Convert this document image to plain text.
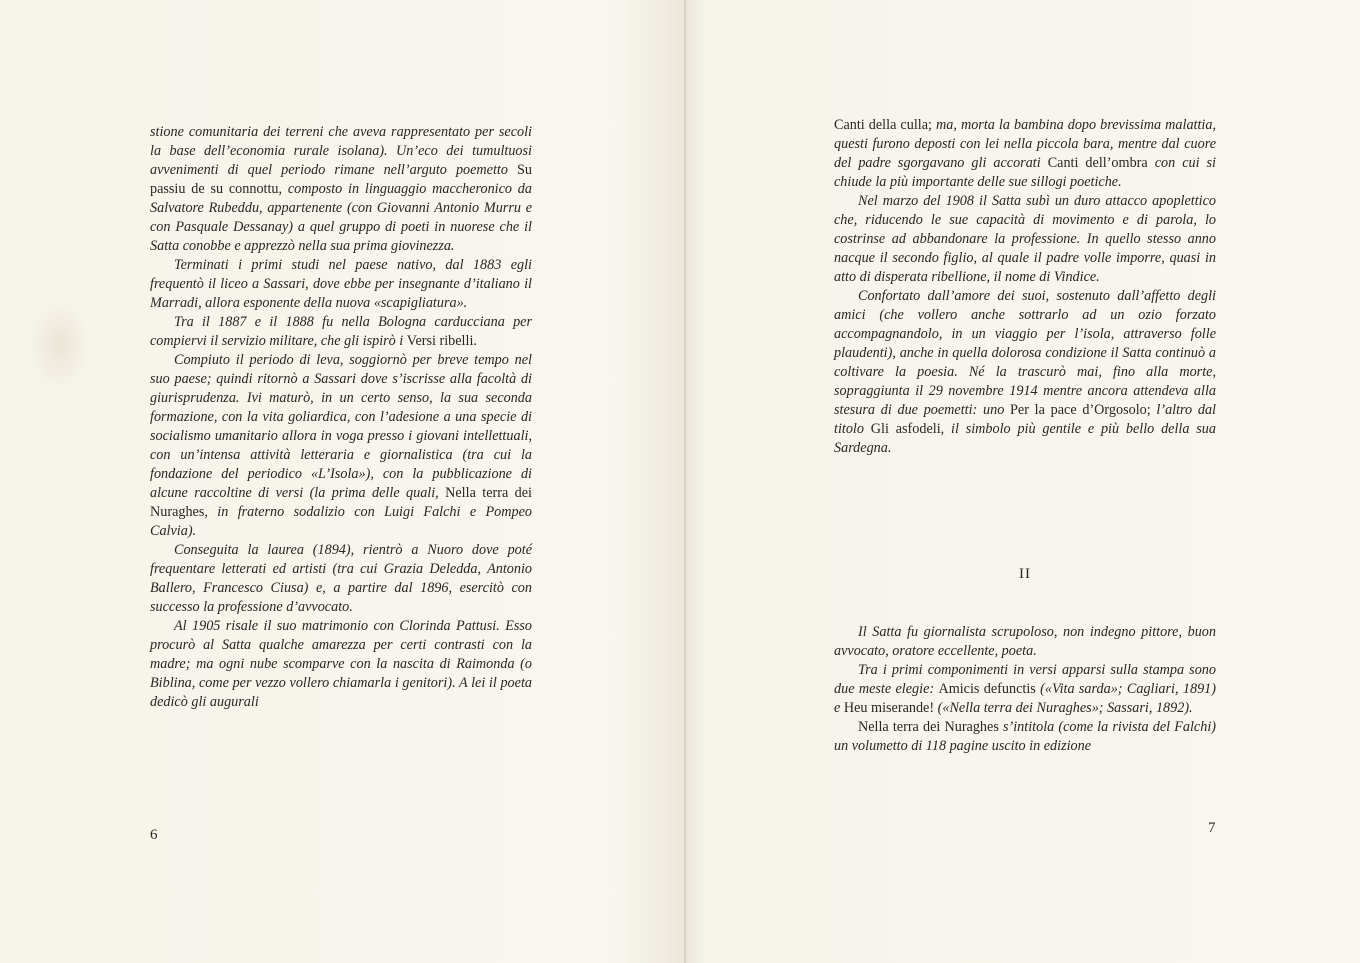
stione comunitaria dei terreni che aveva rappresentato per secoli la base dell’economia rurale isolana). Un’eco dei tumultuosi avvenimenti di quel periodo rimane nell’arguto poemetto Su passiu de su connottu, composto in linguaggio maccheronico da Salvatore Rubeddu, appartenente (con Giovanni Antonio Murru e con Pasquale Dessanay) a quel gruppo di poeti in nuorese che il Satta conobbe e apprezzò nella sua prima giovinezza.

Terminati i primi studi nel paese nativo, dal 1883 egli frequentò il liceo a Sassari, dove ebbe per insegnante d’italiano il Marradi, allora esponente della nuova «scapigliatura».

Tra il 1887 e il 1888 fu nella Bologna carducciana per compiervi il servizio militare, che gli ispirò i Versi ribelli.

Compiuto il periodo di leva, soggiornò per breve tempo nel suo paese; quindi ritornò a Sassari dove s’iscrisse alla facoltà di giurisprudenza. Ivi maturò, in un certo senso, la sua seconda formazione, con la vita goliardica, con l’adesione a una specie di socialismo umanitario allora in voga presso i giovani intellettuali, con un’intensa attività letteraria e giornalistica (tra cui la fondazione del periodico «L’Isola»), con la pubblicazione di alcune raccoltine di versi (la prima delle quali, Nella terra dei Nuraghes, in fraterno sodalizio con Luigi Falchi e Pompeo Calvia).

Conseguita la laurea (1894), rientrò a Nuoro dove poté frequentare letterati ed artisti (tra cui Grazia Deledda, Antonio Ballero, Francesco Ciusa) e, a partire dal 1896, esercitò con successo la professione d’avvocato.

Al 1905 risale il suo matrimonio con Clorinda Pattusi. Esso procurò al Satta qualche amarezza per certi contrasti con la madre; ma ogni nube scomparve con la nascita di Raimonda (o Biblina, come per vezzo vollero chiamarla i genitori). A lei il poeta dedicò gli augurali

6

Canti della culla; ma, morta la bambina dopo brevissima malattia, questi furono deposti con lei nella piccola bara, mentre dal cuore del padre sgorgavano gli accorati Canti dell’ombra con cui si chiude la più importante delle sue sillogi poetiche.

Nel marzo del 1908 il Satta subì un duro attacco apoplettico che, riducendo le sue capacità di movimento e di parola, lo costrinse ad abbandonare la professione. In quello stesso anno nacque il secondo figlio, al quale il padre volle imporre, quasi in atto di disperata ribellione, il nome di Vindice.

Confortato dall’amore dei suoi, sostenuto dall’affetto degli amici (che vollero anche sottrarlo ad un ozio forzato accompagnandolo, in un viaggio per l’isola, attraverso folle plaudenti), anche in quella dolorosa condizione il Satta continuò a coltivare la poesia. Né la trascurò mai, fino alla morte, sopraggiunta il 29 novembre 1914 mentre ancora attendeva alla stesura di due poemetti: uno Per la pace d’Orgosolo; l’altro dal titolo Gli asfodeli, il simbolo più gentile e più bello della sua Sardegna.

II

Il Satta fu giornalista scrupoloso, non indegno pittore, buon avvocato, oratore eccellente, poeta.

Tra i primi componimenti in versi apparsi sulla stampa sono due meste elegie: Amicis defunctis («Vita sarda»; Cagliari, 1891) e Heu miserande! («Nella terra dei Nuraghes»; Sassari, 1892).

Nella terra dei Nuraghes s’intitola (come la rivista del Falchi) un volumetto di 118 pagine uscito in edizione

7
